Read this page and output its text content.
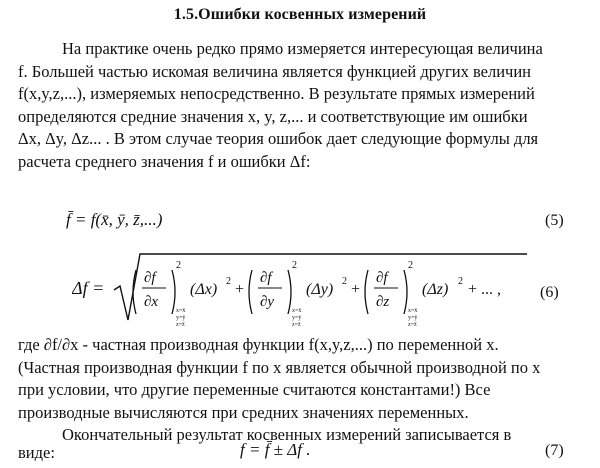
1.5.Ошибки косвенных измерений
На практике очень редко прямо измеряется интересующая величина
f. Большей частью искомая величина является функцией других величин
f(x,y,z,...), измеряемых непосредственно. В результате прямых измерений
определяются средние значения x, y, z,... и соответствующие им ошибки
Δx, Δy, Δz... . В этом случае теория ошибок дает следующие формулы для
расчета среднего значения f и ошибки Δf:
f̄ = f(x̄, ȳ, z̄,...)	(5)
Δf =	∂f
∂x
2
x=x̄
y=ȳ
z=z̄
(Δx) 2 +
∂f
∂y
2
x=x̄
y=ȳ
z=z̄
(Δy) 2 +
∂f
∂z
2
x=x̄
y=ȳ
z=z̄
(Δz) 2 + ... , (6)
где ∂f/∂x - частная производная функции f(x,y,z,...) по переменной x.
(Частная производная функции f по x является обычной производной по x
при условии, что другие переменные считаются константами!) Все
производные вычисляются при средних значениях переменных.
Окончательный результат косвенных измерений записывается в
виде:	f = f̄ ± Δf .	(7)
